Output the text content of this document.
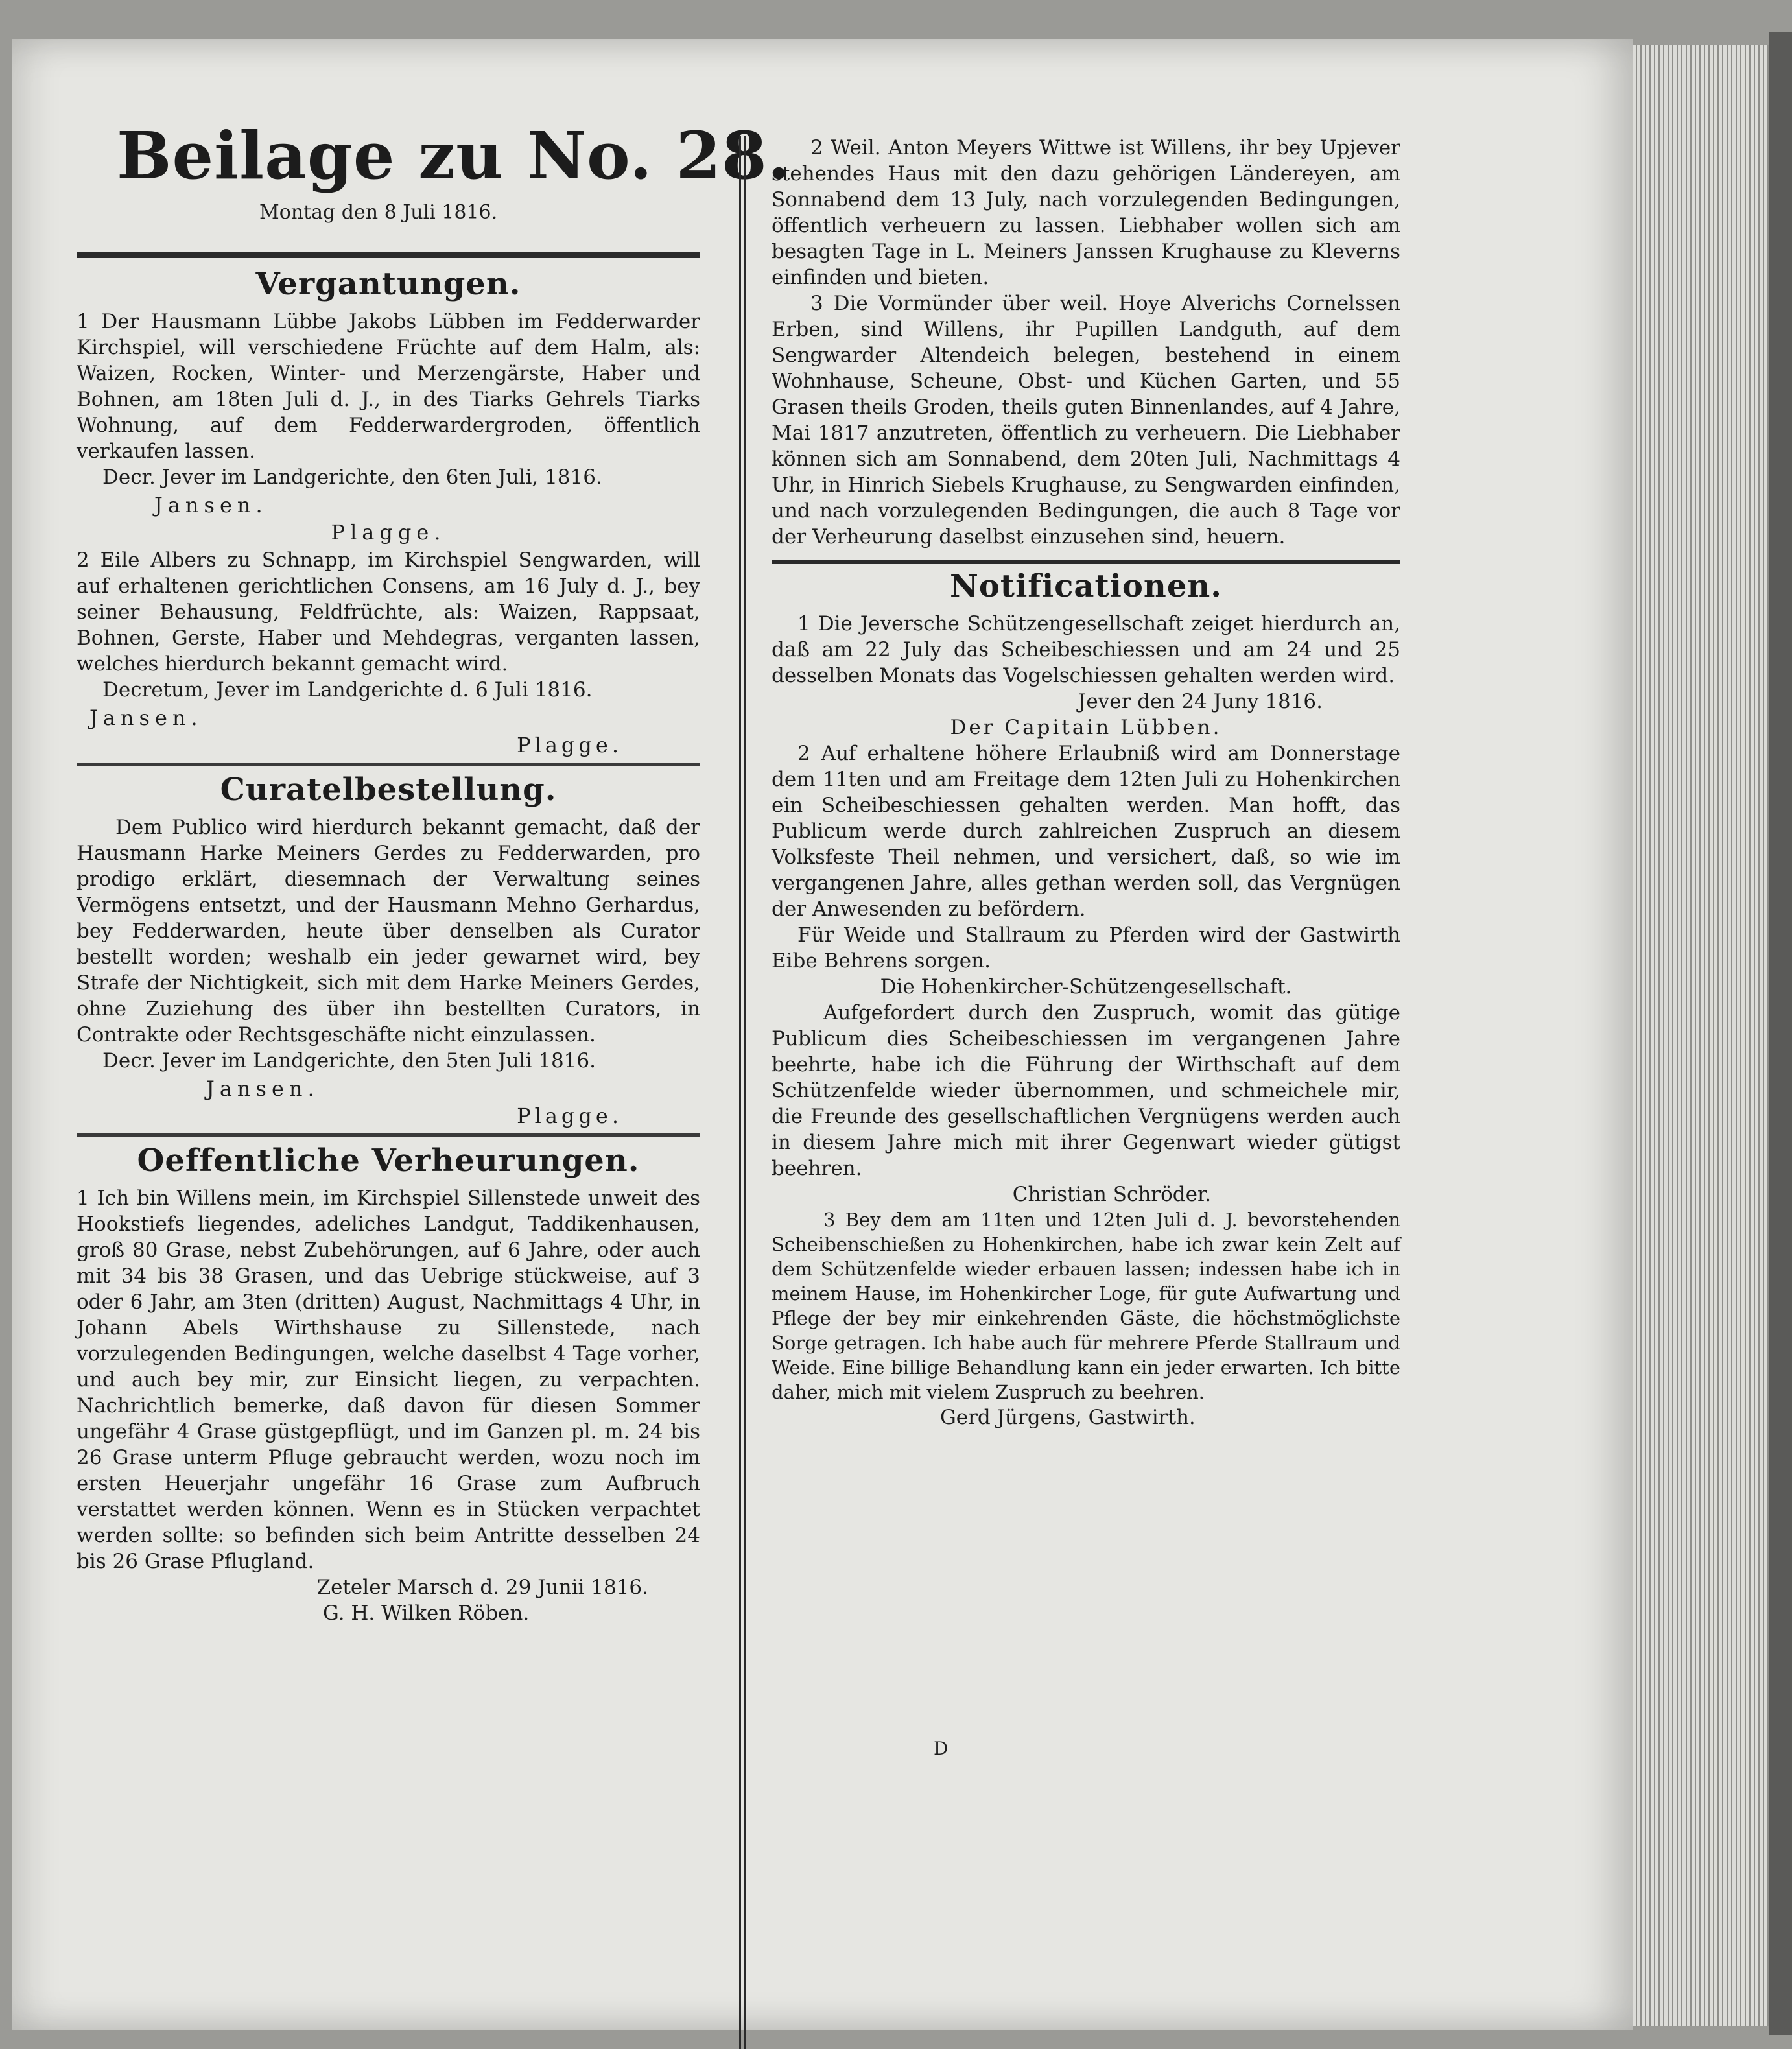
Beilage zu No. 28.
Montag den 8 Juli 1816.
Vergantungen.

1 Der Hausmann Lübbe Jakobs Lübben im Fedderwarder Kirchspiel, will verschiedene Früchte auf dem Halm, als: Waizen, Rocken, Winter- und Merzengärste, Haber und Bohnen, am 18ten Juli d. J., in des Tiarks Gehrels Tiarks Wohnung, auf dem Fedderwardergroden, öffentlich verkaufen lassen.

Decr. Jever im Landgerichte, den 6ten Juli, 1816.

Jansen.
Plagge.

2 Eile Albers zu Schnapp, im Kirchspiel Sengwarden, will auf erhaltenen gerichtlichen Consens, am 16 July d. J., bey seiner Behausung, Feldfrüchte, als: Waizen, Rappsaat, Bohnen, Gerste, Haber und Mehdegras, verganten lassen, welches hierdurch bekannt gemacht wird.

Decretum, Jever im Landgerichte d. 6 Juli 1816.

Jansen.
Plagge.
Curatelbestellung.

Dem Publico wird hierdurch bekannt gemacht, daß der Hausmann Harke Meiners Gerdes zu Fedderwarden, pro prodigo erklärt, diesemnach der Verwaltung seines Vermögens entsetzt, und der Hausmann Mehno Gerhardus, bey Fedderwarden, heute über denselben als Curator bestellt worden; weshalb ein jeder gewarnet wird, bey Strafe der Nichtigkeit, sich mit dem Harke Meiners Gerdes, ohne Zuziehung des über ihn bestellten Curators, in Contrakte oder Rechtsgeschäfte nicht einzulassen.

Decr. Jever im Landgerichte, den 5ten Juli 1816.

Jansen.
Plagge.
Oeffentliche Verheurungen.

1 Ich bin Willens mein, im Kirchspiel Sillenstede unweit des Hookstiefs liegendes, adeliches Landgut, Taddikenhausen, groß 80 Grase, nebst Zubehörungen, auf 6 Jahre, oder auch mit 34 bis 38 Grasen, und das Uebrige stückweise, auf 3 oder 6 Jahr, am 3ten (dritten) August, Nachmittags 4 Uhr, in Johann Abels Wirthshause zu Sillenstede, nach vorzulegenden Bedingungen, welche daselbst 4 Tage vorher, und auch bey mir, zur Einsicht liegen, zu verpachten. Nachrichtlich bemerke, daß davon für diesen Sommer ungefähr 4 Grase güstgepflügt, und im Ganzen pl. m. 24 bis 26 Grase unterm Pfluge gebraucht werden, wozu noch im ersten Heuerjahr ungefähr 16 Grase zum Aufbruch verstattet werden können. Wenn es in Stücken verpachtet werden sollte: so befinden sich beim Antritte desselben 24 bis 26 Grase Pflugland.

Zeteler Marsch d. 29 Junii 1816.
G. H. Wilken Röben.

2 Weil. Anton Meyers Wittwe ist Willens, ihr bey Upjever stehendes Haus mit den dazu gehörigen Ländereyen, am Sonnabend dem 13 July, nach vorzulegenden Bedingungen, öffentlich verheuern zu lassen. Liebhaber wollen sich am besagten Tage in L. Meiners Janssen Krughause zu Kleverns einfinden und bieten.

3 Die Vormünder über weil. Hoye Alverichs Cornelssen Erben, sind Willens, ihr Pupillen Landguth, auf dem Sengwarder Altendeich belegen, bestehend in einem Wohnhause, Scheune, Obst- und Küchen Garten, und 55 Grasen theils Groden, theils guten Binnenlandes, auf 4 Jahre, Mai 1817 anzutreten, öffentlich zu verheuern. Die Liebhaber können sich am Sonnabend, dem 20ten Juli, Nachmittags 4 Uhr, in Hinrich Siebels Krughause, zu Sengwarden einfinden, und nach vorzulegenden Bedingungen, die auch 8 Tage vor der Verheurung daselbst einzusehen sind, heuern.

Notificationen.

1 Die Jeversche Schützengesellschaft zeiget hierdurch an, daß am 22 July das Scheibeschiessen und am 24 und 25 desselben Monats das Vogelschiessen gehalten werden wird.

Jever den 24 Juny 1816.
Der Capitain Lübben.

2 Auf erhaltene höhere Erlaubniß wird am Donnerstage dem 11ten und am Freitage dem 12ten Juli zu Hohenkirchen ein Scheibeschiessen gehalten werden. Man hofft, das Publicum werde durch zahlreichen Zuspruch an diesem Volksfeste Theil nehmen, und versichert, daß, so wie im vergangenen Jahre, alles gethan werden soll, das Vergnügen der Anwesenden zu befördern.

Für Weide und Stallraum zu Pferden wird der Gastwirth Eibe Behrens sorgen.

Die Hohenkircher-Schützengesellschaft.

Aufgefordert durch den Zuspruch, womit das gütige Publicum dies Scheibeschiessen im vergangenen Jahre beehrte, habe ich die Führung der Wirthschaft auf dem Schützenfelde wieder übernommen, und schmeichele mir, die Freunde des gesellschaftlichen Vergnügens werden auch in diesem Jahre mich mit ihrer Gegenwart wieder gütigst beehren.

Christian Schröder.

3 Bey dem am 11ten und 12ten Juli d. J. bevorstehenden Scheibenschießen zu Hohenkirchen, habe ich zwar kein Zelt auf dem Schützenfelde wieder erbauen lassen; indessen habe ich in meinem Hause, im Hohenkircher Loge, für gute Aufwartung und Pflege der bey mir einkehrenden Gäste, die höchstmöglichste Sorge getragen. Ich habe auch für mehrere Pferde Stallraum und Weide. Eine billige Behandlung kann ein jeder erwarten. Ich bitte daher, mich mit vielem Zuspruch zu beehren.

Gerd Jürgens, Gastwirth.
D
